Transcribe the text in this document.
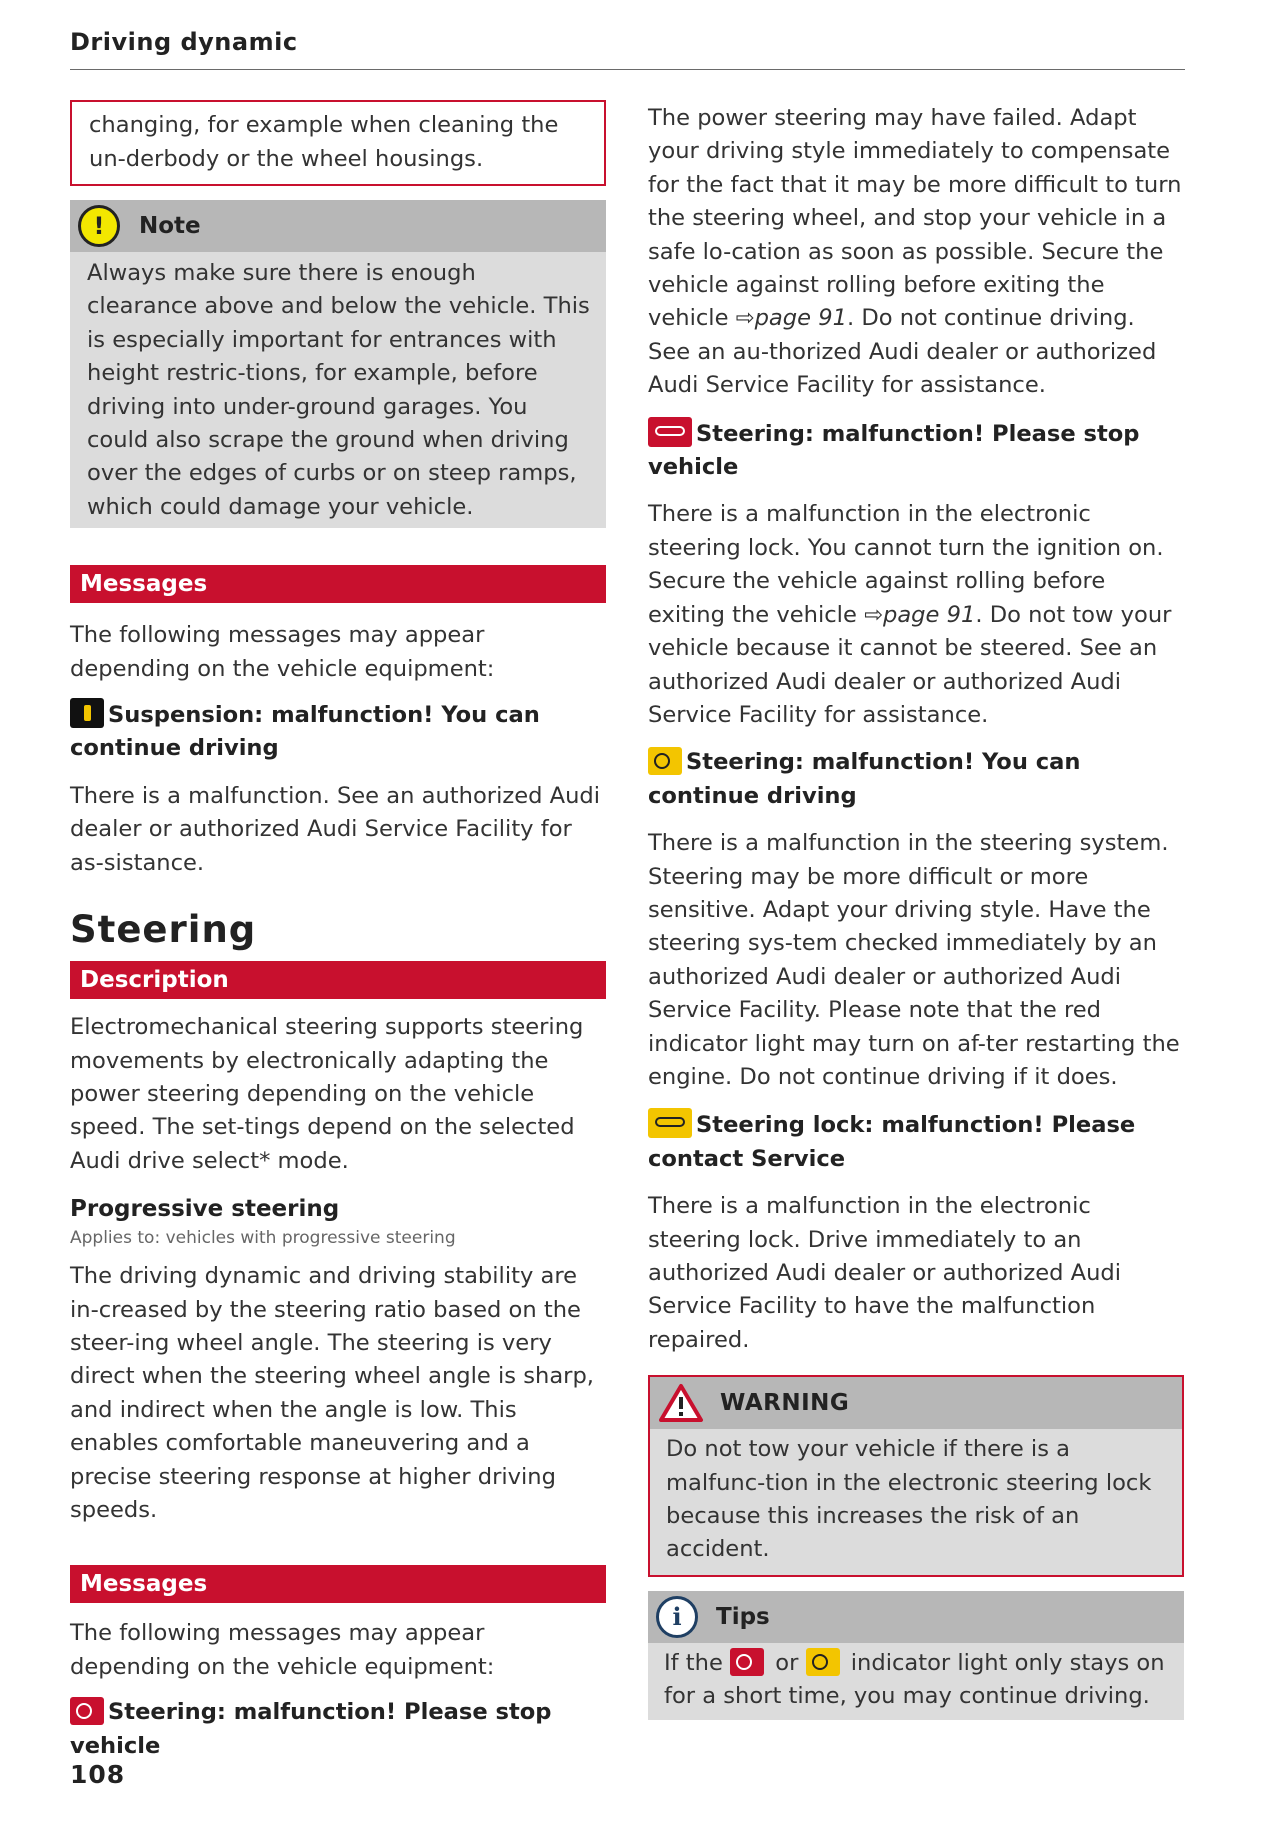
Driving dynamic

changing, for example when cleaning the un-derbody or the wheel housings.

!	Note

Always make sure there is enough clearance above and below the vehicle. This is especially important for entrances with height restric-tions, for example, before driving into under-ground garages. You could also scrape the ground when driving over the edges of curbs or on steep ramps, which could damage your vehicle.

Messages

The following messages may appear depending on the vehicle equipment:

Suspension: malfunction! You can continue driving

There is a malfunction. See an authorized Audi dealer or authorized Audi Service Facility for as-sistance.

Steering
Description

Electromechanical steering supports steering movements by electronically adapting the power steering depending on the vehicle speed. The set-tings depend on the selected Audi drive select* mode.

Progressive steering
Applies to: vehicles with progressive steering

The driving dynamic and driving stability are in-creased by the steering ratio based on the steer-ing wheel angle. The steering is very direct when the steering wheel angle is sharp, and indirect when the angle is low. This enables comfortable maneuvering and a precise steering response at higher driving speeds.

Messages

The following messages may appear depending on the vehicle equipment:

Steering: malfunction! Please stop vehicle

The power steering may have failed. Adapt your driving style immediately to compensate for the fact that it may be more difficult to turn the steering wheel, and stop your vehicle in a safe lo-cation as soon as possible. Secure the vehicle against rolling before exiting the vehicle ⇨page 91. Do not continue driving. See an au-thorized Audi dealer or authorized Audi Service Facility for assistance.

Steering: malfunction! Please stop vehicle

There is a malfunction in the electronic steering lock. You cannot turn the ignition on. Secure the vehicle against rolling before exiting the vehicle ⇨page 91. Do not tow your vehicle because it cannot be steered. See an authorized Audi dealer or authorized Audi Service Facility for assistance.

Steering: malfunction! You can continue driving

There is a malfunction in the steering system. Steering may be more difficult or more sensitive. Adapt your driving style. Have the steering sys-tem checked immediately by an authorized Audi dealer or authorized Audi Service Facility. Please note that the red indicator light may turn on af-ter restarting the engine. Do not continue driving if it does.

Steering lock: malfunction! Please contact Service

There is a malfunction in the electronic steering lock. Drive immediately to an authorized Audi dealer or authorized Audi Service Facility to have the malfunction repaired.

WARNING

Do not tow your vehicle if there is a malfunc-tion in the electronic steering lock because this increases the risk of an accident.

i	Tips

If the or indicator light only stays on for a short time, you may continue driving.

108
